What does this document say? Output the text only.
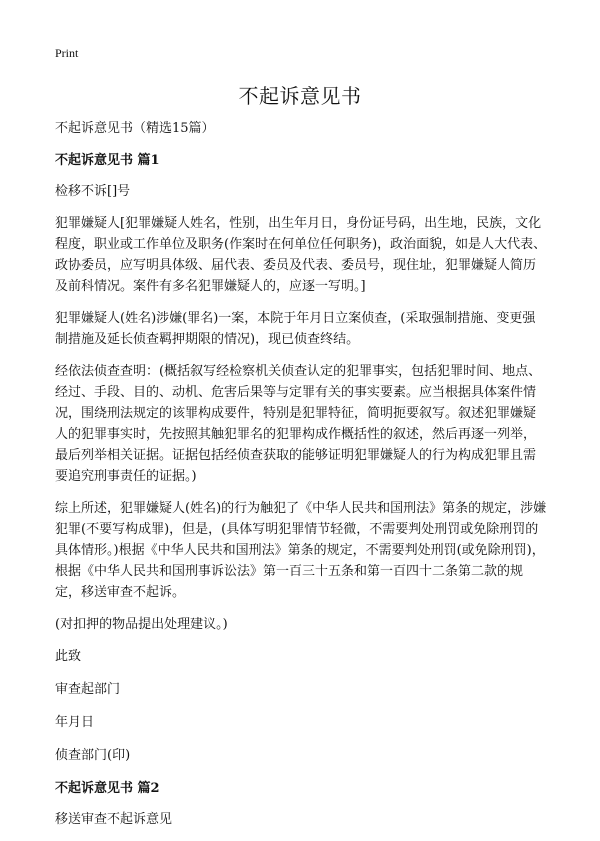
Print
不起诉意见书

不起诉意见书（精选15篇）

不起诉意见书 篇1

检移不诉[]号

犯罪嫌疑人[犯罪嫌疑人姓名，性别，出生年月日，身份证号码，出生地，民族，文化程度，职业或工作单位及职务(作案时在何单位任何职务)，政治面貌，如是人大代表、政协委员，应写明具体级、届代表、委员及代表、委员号，现住址，犯罪嫌疑人简历及前科情况。案件有多名犯罪嫌疑人的，应逐一写明。]

犯罪嫌疑人(姓名)涉嫌(罪名)一案，本院于年月日立案侦查，(采取强制措施、变更强制措施及延长侦查羁押期限的情况)，现已侦查终结。

经依法侦查查明：(概括叙写经检察机关侦查认定的犯罪事实，包括犯罪时间、地点、经过、手段、目的、动机、危害后果等与定罪有关的事实要素。应当根据具体案件情况，围绕刑法规定的该罪构成要件，特别是犯罪特征，简明扼要叙写。叙述犯罪嫌疑人的犯罪事实时，先按照其触犯罪名的犯罪构成作概括性的叙述，然后再逐一列举，最后列举相关证据。证据包括经侦查获取的能够证明犯罪嫌疑人的行为构成犯罪且需要追究刑事责任的证据。)

综上所述，犯罪嫌疑人(姓名)的行为触犯了《中华人民共和国刑法》第条的规定，涉嫌犯罪(不要写构成罪)，但是，(具体写明犯罪情节轻微，不需要判处刑罚或免除刑罚的具体情形。)根据《中华人民共和国刑法》第条的规定，不需要判处刑罚(或免除刑罚)，根据《中华人民共和国刑事诉讼法》第一百三十五条和第一百四十二条第二款的规定，移送审查不起诉。

(对扣押的物品提出处理建议。)

此致

审查起部门

年月日

侦查部门(印)

不起诉意见书 篇2

移送审查不起诉意见
